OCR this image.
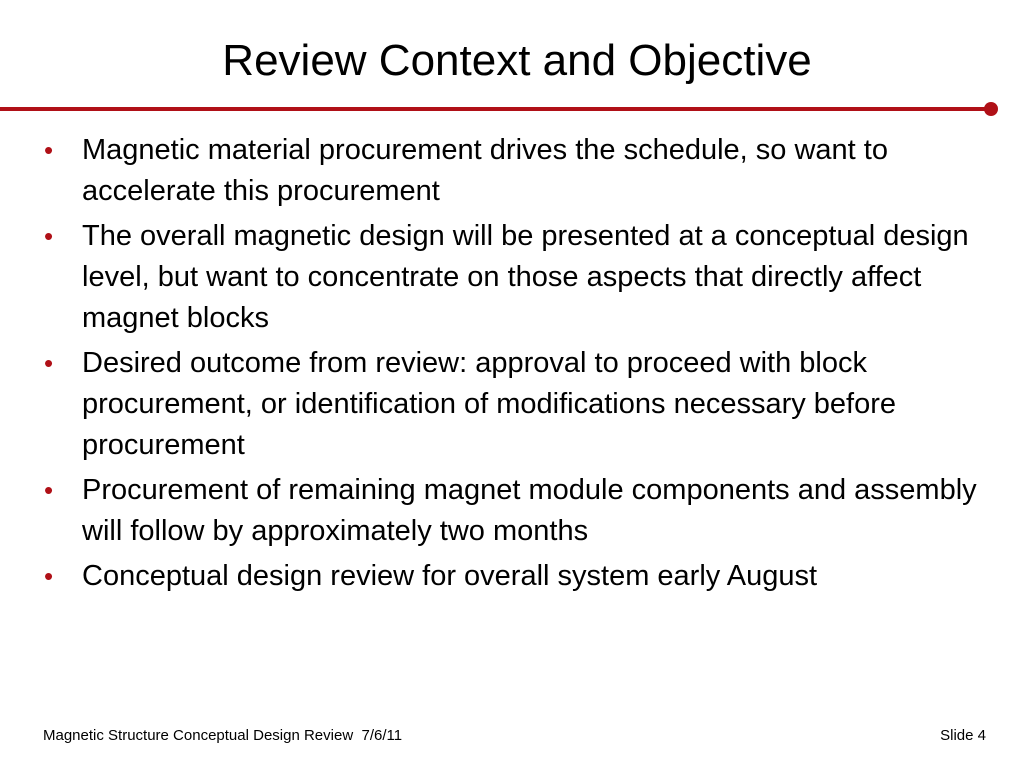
Review Context and Objective
• Magnetic material procurement drives the schedule, so want to accelerate this procurement
• The overall magnetic design will be presented at a conceptual design level, but want to concentrate on those aspects that directly affect magnet blocks
• Desired outcome from review: approval to proceed with block procurement, or identification of modifications necessary before procurement
• Procurement of remaining magnet module components and assembly will follow by approximately two months
• Conceptual design review for overall system early August
Magnetic Structure Conceptual Design Review  7/6/11	Slide 4
